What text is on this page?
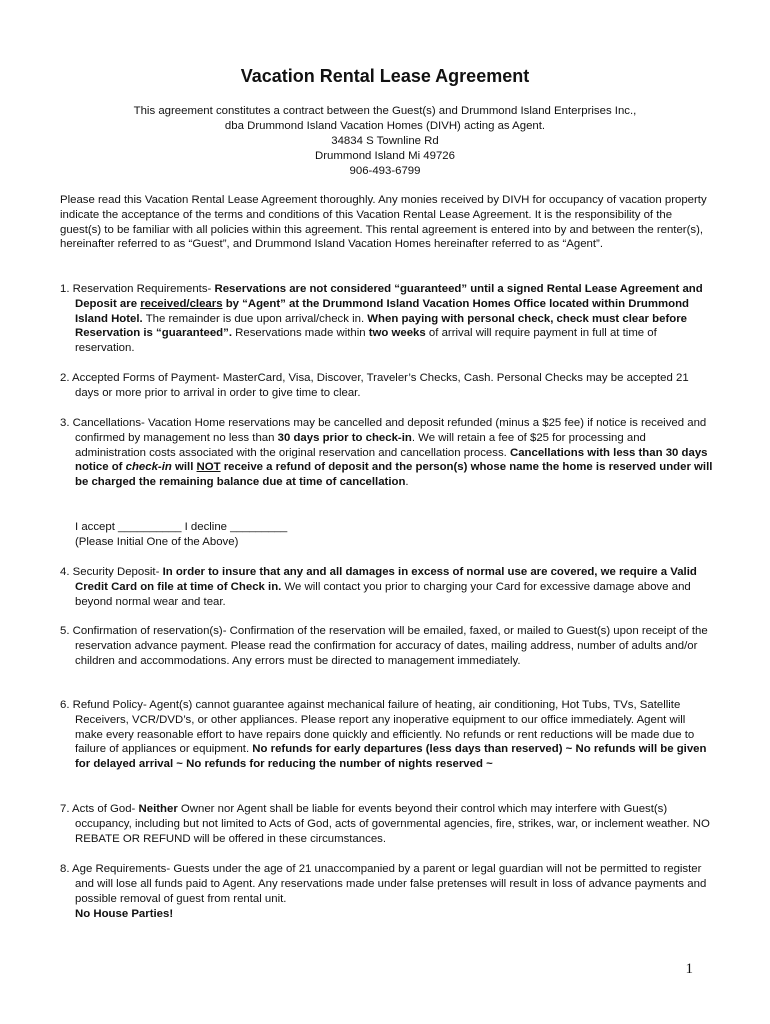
Vacation Rental Lease Agreement
This agreement constitutes a contract between the Guest(s) and Drummond Island Enterprises Inc.,
dba Drummond Island Vacation Homes (DIVH) acting as Agent.
34834 S Townline Rd
Drummond Island Mi 49726
906-493-6799
Please read this Vacation Rental Lease Agreement thoroughly. Any monies received by DIVH for occupancy of vacation property indicate the acceptance of the terms and conditions of this Vacation Rental Lease Agreement. It is the responsibility of the guest(s) to be familiar with all policies within this agreement. This rental agreement is entered into by and between the renter(s), hereinafter referred to as “Guest”, and Drummond Island Vacation Homes hereinafter referred to as “Agent”.

1. Reservation Requirements- Reservations are not considered “guaranteed” until a signed Rental Lease Agreement and Deposit are received/clears by “Agent” at the Drummond Island Vacation Homes Office located within Drummond Island Hotel. The remainder is due upon arrival/check in. When paying with personal check, check must clear before Reservation is “guaranteed”. Reservations made within two weeks of arrival will require payment in full at time of reservation.

2. Accepted Forms of Payment- MasterCard, Visa, Discover, Traveler’s Checks, Cash. Personal Checks may be accepted 21 days or more prior to arrival in order to give time to clear.

3. Cancellations- Vacation Home reservations may be cancelled and deposit refunded (minus a $25 fee) if notice is received and confirmed by management no less than 30 days prior to check-in. We will retain a fee of $25 for processing and administration costs associated with the original reservation and cancellation process. Cancellations with less than 30 days notice of check-in will NOT receive a refund of deposit and the person(s) whose name the home is reserved under will be charged the remaining balance due at time of cancellation.

I accept __________ I decline _________
(Please Initial One of the Above)

4. Security Deposit- In order to insure that any and all damages in excess of normal use are covered, we require a Valid Credit Card on file at time of Check in. We will contact you prior to charging your Card for excessive damage above and beyond normal wear and tear.

5. Confirmation of reservation(s)- Confirmation of the reservation will be emailed, faxed, or mailed to Guest(s) upon receipt of the reservation advance payment. Please read the confirmation for accuracy of dates, mailing address, number of adults and/or children and accommodations. Any errors must be directed to management immediately.

6. Refund Policy- Agent(s) cannot guarantee against mechanical failure of heating, air conditioning, Hot Tubs, TVs, Satellite Receivers, VCR/DVD’s, or other appliances. Please report any inoperative equipment to our office immediately. Agent will make every reasonable effort to have repairs done quickly and efficiently. No refunds or rent reductions will be made due to failure of appliances or equipment. No refunds for early departures (less days than reserved) ~ No refunds will be given for delayed arrival ~ No refunds for reducing the number of nights reserved ~

7. Acts of God- Neither Owner nor Agent shall be liable for events beyond their control which may interfere with Guest(s) occupancy, including but not limited to Acts of God, acts of governmental agencies, fire, strikes, war, or inclement weather. NO REBATE OR REFUND will be offered in these circumstances.

8. Age Requirements- Guests under the age of 21 unaccompanied by a parent or legal guardian will not be permitted to register and will lose all funds paid to Agent. Any reservations made under false pretenses will result in loss of advance payments and possible removal of guest from rental unit.

No House Parties!
1
